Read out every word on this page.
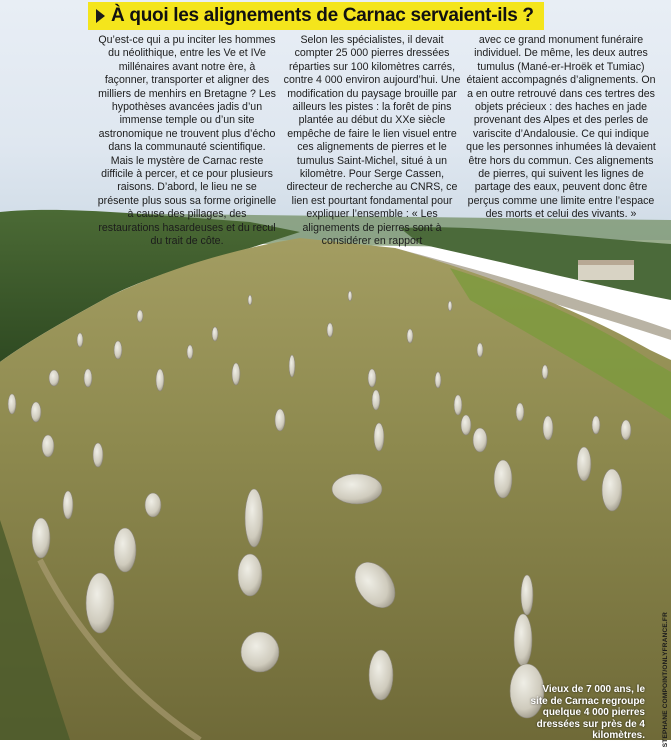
À quoi les alignements de Carnac servaient-ils ?

Qu’est-ce qui a pu inciter les hommes du néolithique, entre les Ve et IVe millénaires avant notre ère, à façonner, transporter et aligner des milliers de menhirs en Bretagne ? Les hypothèses avancées jadis d’un immense temple ou d’un site astronomique ne trouvent plus d’écho dans la communauté scientifique. Mais le mystère de Carnac reste difficile à percer, et ce pour plusieurs raisons. D’abord, le lieu ne se présente plus sous sa forme originelle à cause des pillages, des restaurations hasardeuses et du recul du trait de côte.

Selon les spécialistes, il devait compter 25 000 pierres dressées réparties sur 100 kilomètres carrés, contre 4 000 environ aujourd’hui. Une modification du paysage brouille par ailleurs les pistes : la forêt de pins plantée au début du XXe siècle empêche de faire le lien visuel entre ces alignements de pierres et le tumulus Saint-Michel, situé à un kilomètre. Pour Serge Cassen, directeur de recherche au CNRS, ce lien est pourtant fondamental pour expliquer l’ensemble : « Les alignements de pierres sont à considérer en rapport

avec ce grand monument funéraire individuel. De même, les deux autres tumulus (Mané-er-Hroëk et Tumiac) étaient accompagnés d’alignements. On a en outre retrouvé dans ces tertres des objets précieux : des haches en jade provenant des Alpes et des perles de variscite d’Andalousie. Ce qui indique que les personnes inhumées là devaient être hors du commun. Ces alignements de pierres, qui suivent les lignes de partage des eaux, peuvent donc être perçus comme une limite entre l’espace des morts et celui des vivants. »

Vieux de 7 000 ans, le site de Carnac regroupe quelque 4 000 pierres dressées sur près de 4 kilomètres.	STEPHANE COMPOINT/ONLYFRANCE.FR
